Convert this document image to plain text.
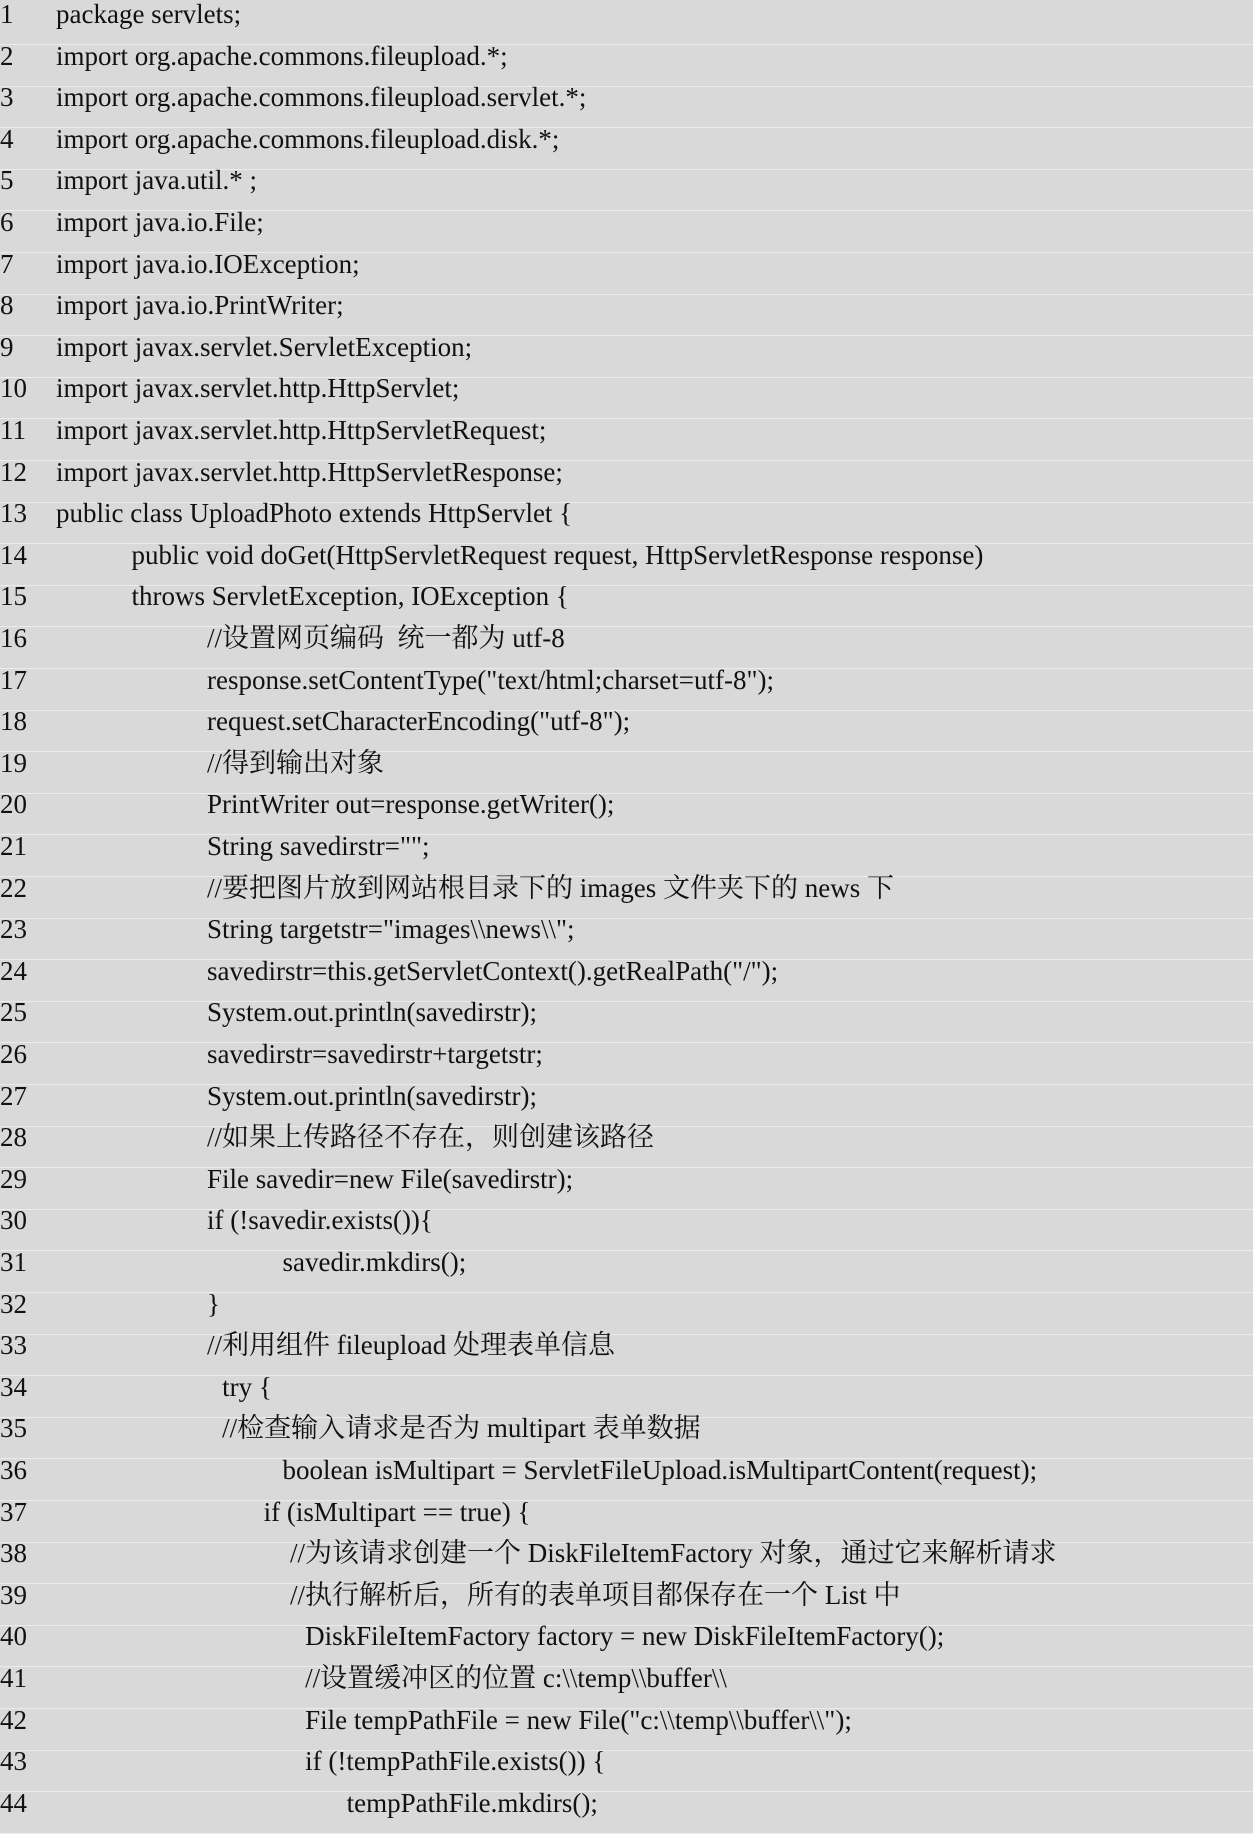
1 package servlets;
2 import org.apache.commons.fileupload.*;
3 import org.apache.commons.fileupload.servlet.*;
4 import org.apache.commons.fileupload.disk.*;
5 import java.util.* ;
6 import java.io.File;
7 import java.io.IOException;
8 import java.io.PrintWriter;
9 import javax.servlet.ServletException;
10 import javax.servlet.http.HttpServlet;
11 import javax.servlet.http.HttpServletRequest;
12 import javax.servlet.http.HttpServletResponse;
13 public class UploadPhoto extends HttpServlet {
14	public void doGet(HttpServletRequest request, HttpServletResponse response)
15	throws ServletException, IOException {
16	//设置网页编码  统一都为 utf-8
17	response.setContentType("text/html;charset=utf-8");
18	request.setCharacterEncoding("utf-8");
19	//得到输出对象
20	PrintWriter out=response.getWriter();
21	String savedirstr="";
22	//要把图片放到网站根目录下的 images 文件夹下的 news 下
23	String targetstr="images\\news\\";
24	savedirstr=this.getServletContext().getRealPath("/");
25	System.out.println(savedirstr);
26	savedirstr=savedirstr+targetstr;
27	System.out.println(savedirstr);
28	//如果上传路径不存在，则创建该路径
29	File savedir=new File(savedirstr);
30	if (!savedir.exists()){
31	savedir.mkdirs();
32	}
33	//利用组件 fileupload 处理表单信息
34	try {
35	//检查输入请求是否为 multipart 表单数据
36	boolean isMultipart = ServletFileUpload.isMultipartContent(request);
37	if (isMultipart == true) {
38	//为该请求创建一个 DiskFileItemFactory 对象，通过它来解析请求
39	//执行解析后，所有的表单项目都保存在一个 List 中
40	DiskFileItemFactory factory = new DiskFileItemFactory();
41	//设置缓冲区的位置 c:\\temp\\buffer\\
42	File tempPathFile = new File("c:\\temp\\buffer\\");
43	if (!tempPathFile.exists()) {
44	tempPathFile.mkdirs();
